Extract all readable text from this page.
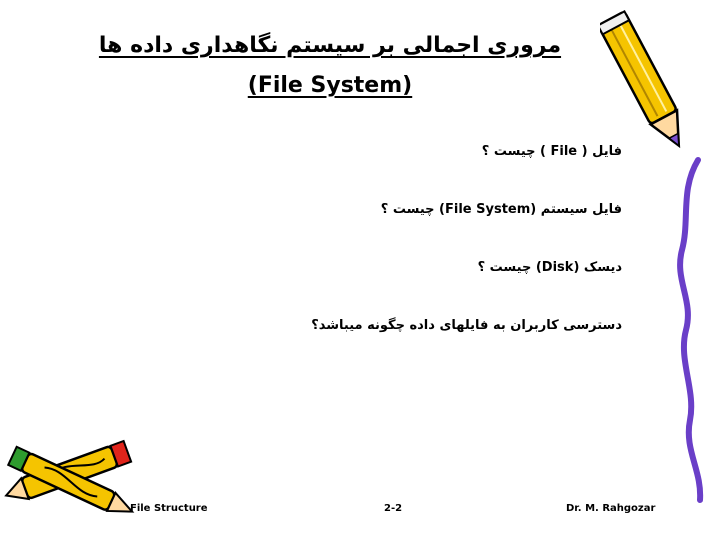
مروری اجمالی بر سیستم نگاهداری داده ها
(File System)
فایل ( File ) چیست ؟
فایل سیستم (File System) چیست ؟
دیسک (Disk) چیست ؟
دسترسی کاربران به فایلهای داده چگونه میباشد؟
File Structure	2-2	Dr. M. Rahgozar
